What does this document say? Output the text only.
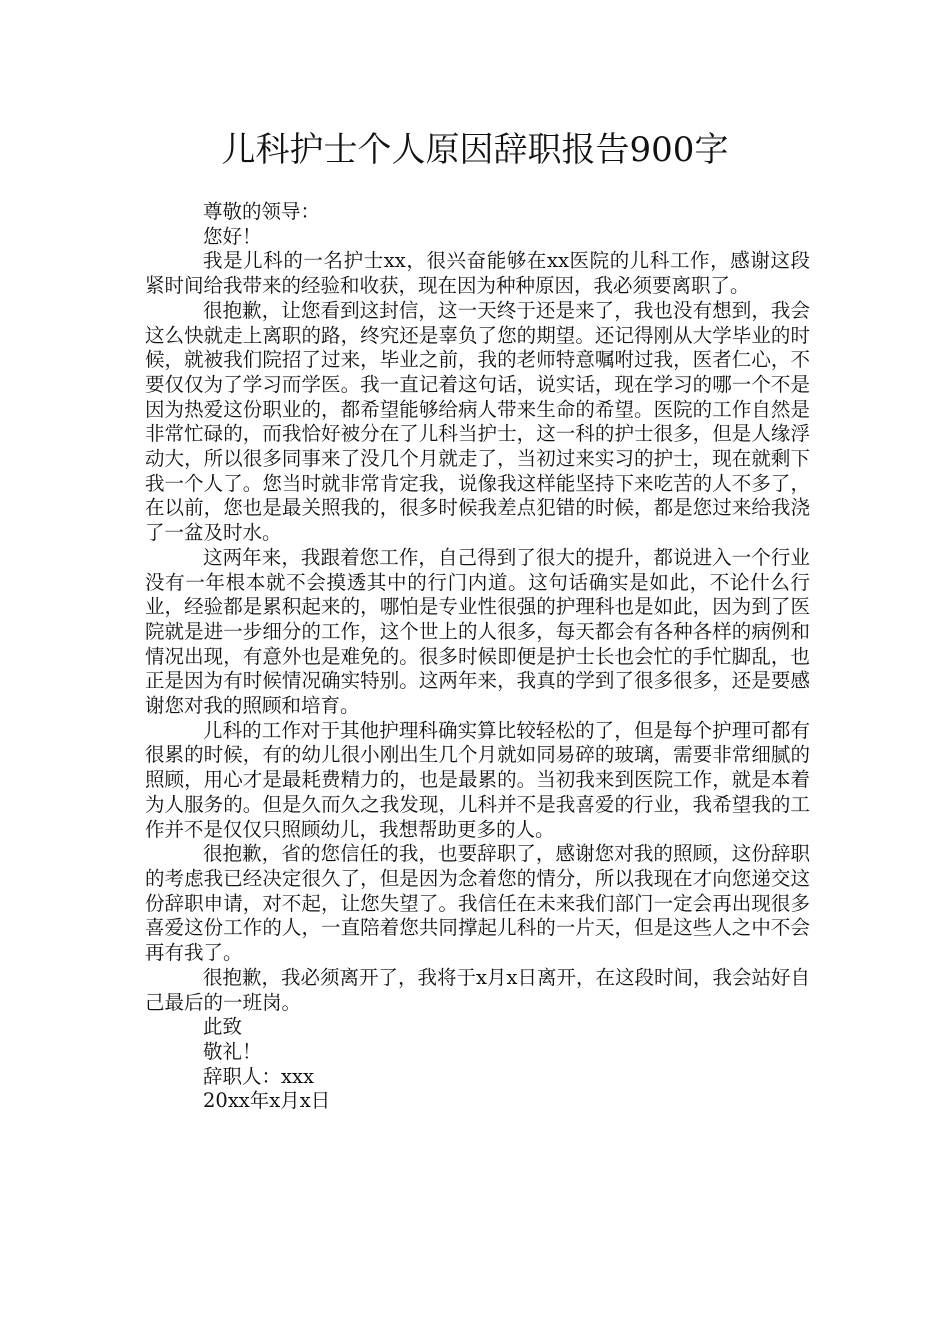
儿科护士个人原因辞职报告900字

尊敬的领导：

您好！

我是儿科的一名护士xx，很兴奋能够在xx医院的儿科工作，感谢这段紧时间给我带来的经验和收获，现在因为种种原因，我必须要离职了。

很抱歉，让您看到这封信，这一天终于还是来了，我也没有想到，我会这么快就走上离职的路，终究还是辜负了您的期望。还记得刚从大学毕业的时候，就被我们院招了过来，毕业之前，我的老师特意嘱咐过我，医者仁心，不要仅仅为了学习而学医。我一直记着这句话，说实话，现在学习的哪一个不是因为热爱这份职业的，都希望能够给病人带来生命的希望。医院的工作自然是非常忙碌的，而我恰好被分在了儿科当护士，这一科的护士很多，但是人缘浮动大，所以很多同事来了没几个月就走了，当初过来实习的护士，现在就剩下我一个人了。您当时就非常肯定我，说像我这样能坚持下来吃苦的人不多了，在以前，您也是最关照我的，很多时候我差点犯错的时候，都是您过来给我浇了一盆及时水。

这两年来，我跟着您工作，自己得到了很大的提升，都说进入一个行业没有一年根本就不会摸透其中的行门内道。这句话确实是如此，不论什么行业，经验都是累积起来的，哪怕是专业性很强的护理科也是如此，因为到了医院就是进一步细分的工作，这个世上的人很多，每天都会有各种各样的病例和情况出现，有意外也是难免的。很多时候即便是护士长也会忙的手忙脚乱，也正是因为有时候情况确实特别。这两年来，我真的学到了很多很多，还是要感谢您对我的照顾和培育。

儿科的工作对于其他护理科确实算比较轻松的了，但是每个护理可都有很累的时候，有的幼儿很小刚出生几个月就如同易碎的玻璃，需要非常细腻的照顾，用心才是最耗费精力的，也是最累的。当初我来到医院工作，就是本着为人服务的。但是久而久之我发现，儿科并不是我喜爱的行业，我希望我的工作并不是仅仅只照顾幼儿，我想帮助更多的人。

很抱歉，省的您信任的我，也要辞职了，感谢您对我的照顾，这份辞职的考虑我已经决定很久了，但是因为念着您的情分，所以我现在才向您递交这份辞职申请，对不起，让您失望了。我信任在未来我们部门一定会再出现很多喜爱这份工作的人，一直陪着您共同撑起儿科的一片天，但是这些人之中不会再有我了。

很抱歉，我必须离开了，我将于x月x日离开，在这段时间，我会站好自己最后的一班岗。

此致

敬礼！

辞职人：xxx

20xx年x月x日
